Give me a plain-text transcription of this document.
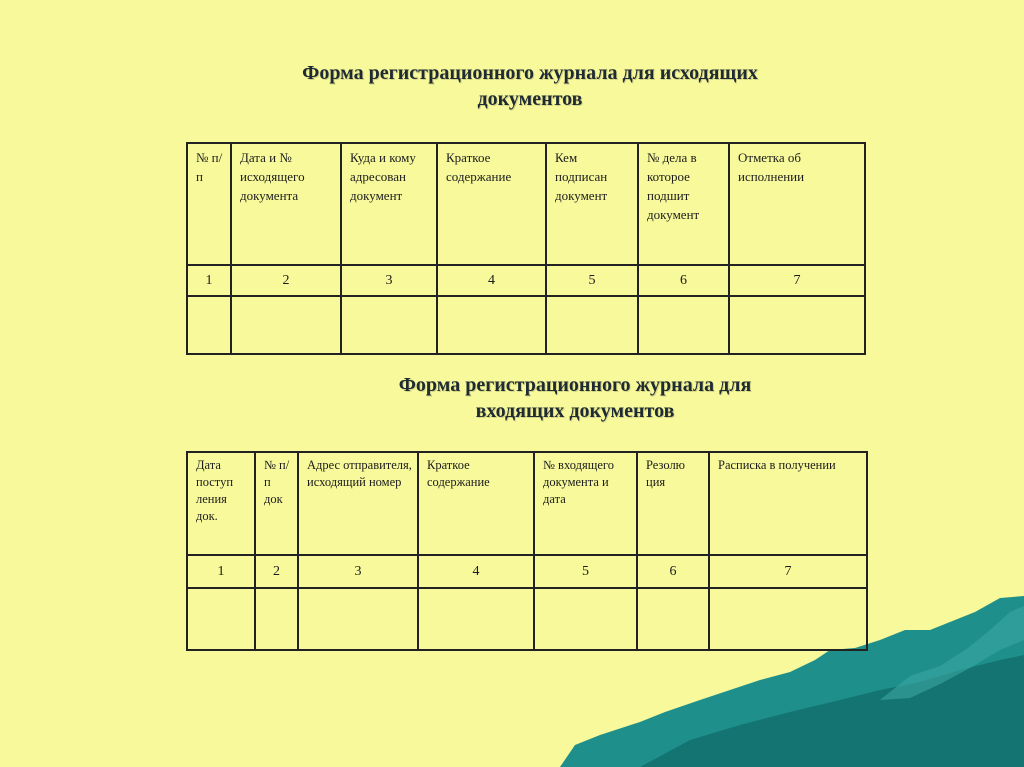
Форма регистрационного журнала для исходящих
документов
№ п/п	Дата и № исходящего документа	Куда и кому адресован документ	Краткое содержание	Кем подписан документ	№ дела в которое подшит документ	Отметка об исполнении
1	2	3	4	5	6	7

Форма регистрационного журнала для
входящих документов
Дата поступ ления док.	№ п/п док	Адрес отправителя, исходящий номер	Краткое содержание	№ входящего документа и дата	Резолю ция	Расписка в получении
1	2	3	4	5	6	7
